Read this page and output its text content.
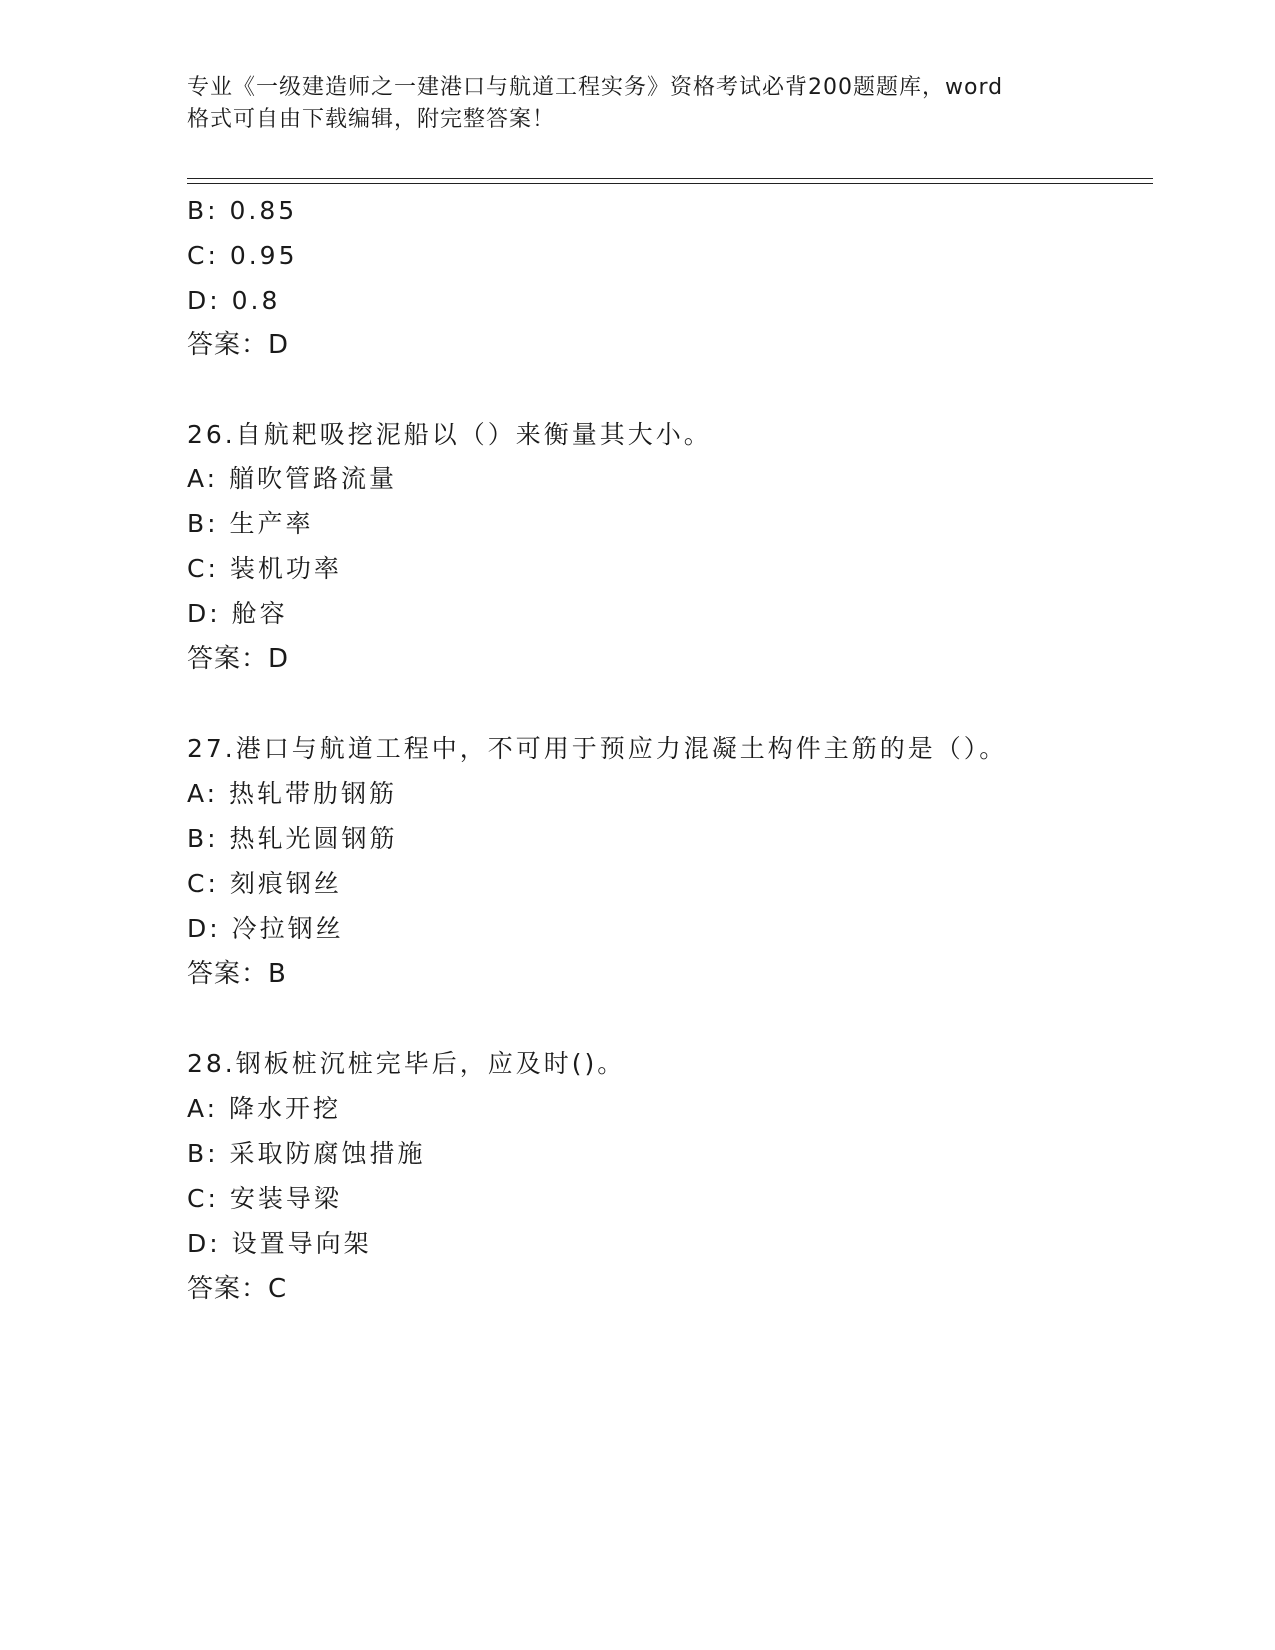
专业《一级建造师之一建港口与航道工程实务》资格考试必背200题题库，word
格式可自由下载编辑，附完整答案！
B: 0.85
C: 0.95
D: 0.8
答案：D
26.自航耙吸挖泥船以（）来衡量其大小。
A: 艏吹管路流量
B: 生产率
C: 装机功率
D: 舱容
答案：D
27.港口与航道工程中，不可用于预应力混凝土构件主筋的是（）。
A: 热轧带肋钢筋
B: 热轧光圆钢筋
C: 刻痕钢丝
D: 冷拉钢丝
答案：B
28.钢板桩沉桩完毕后，应及时()。
A: 降水开挖
B: 采取防腐蚀措施
C: 安装导梁
D: 设置导向架
答案：C
